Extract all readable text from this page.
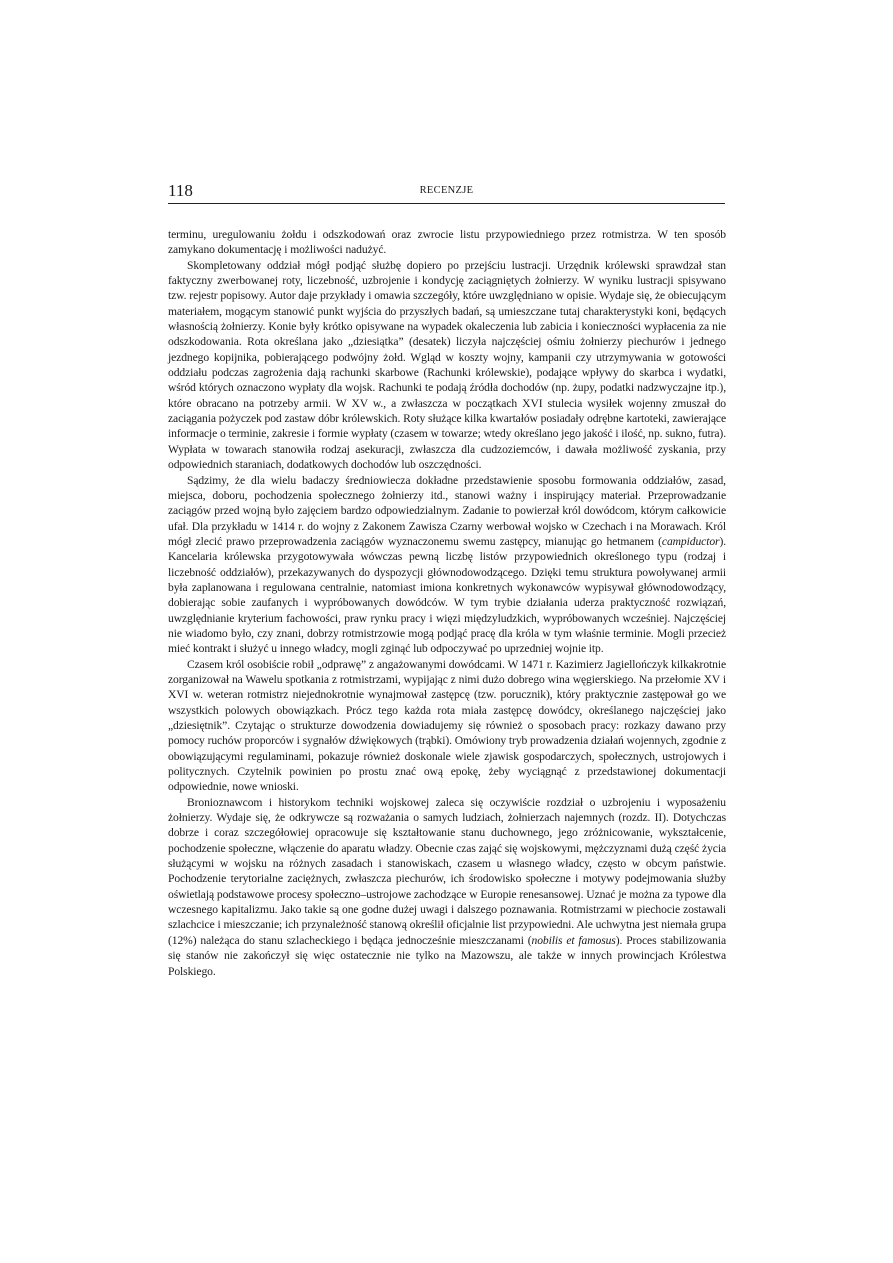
118	RECENZJE

terminu, uregulowaniu żołdu i odszkodowań oraz zwrocie listu przypowiedniego przez rotmistrza. W ten sposób zamykano dokumentację i możliwości nadużyć.

Skompletowany oddział mógł podjąć służbę dopiero po przejściu lustracji. Urzędnik królewski sprawdzał stan faktyczny zwerbowanej roty, liczebność, uzbrojenie i kondycję zaciągniętych żołnierzy. W wyniku lustracji spisywano tzw. rejestr popisowy. Autor daje przykłady i omawia szczegóły, które uwzględniano w opisie. Wydaje się, że obiecującym materiałem, mogącym stanowić punkt wyjścia do przyszłych badań, są umieszczane tutaj charakterystyki koni, będących własnością żołnierzy. Konie były krótko opisywane na wypadek okaleczenia lub zabicia i konieczności wypłacenia za nie odszkodowania. Rota określana jako „dziesiątka” (desatek) liczyła najczęściej ośmiu żołnierzy piechurów i jednego jezdnego kopijnika, pobierającego podwójny żołd. Wgląd w koszty wojny, kampanii czy utrzymywania w gotowości oddziału podczas zagrożenia dają rachunki skarbowe (Rachunki królewskie), podające wpływy do skarbca i wydatki, wśród których oznaczono wypłaty dla wojsk. Rachunki te podają źródła dochodów (np. żupy, podatki nadzwyczajne itp.), które obracano na potrzeby armii. W XV w., a zwłaszcza w początkach XVI stulecia wysiłek wojenny zmuszał do zaciągania pożyczek pod zastaw dóbr królewskich. Roty służące kilka kwartałów posiadały odrębne kartoteki, zawierające informacje o terminie, zakresie i formie wypłaty (czasem w towarze; wtedy określano jego jakość i ilość, np. sukno, futra). Wypłata w towarach stanowiła rodzaj asekuracji, zwłaszcza dla cudzoziemców, i dawała możliwość zyskania, przy odpowiednich staraniach, dodatkowych dochodów lub oszczędności.

Sądzimy, że dla wielu badaczy średniowiecza dokładne przedstawienie sposobu formowania oddziałów, zasad, miejsca, doboru, pochodzenia społecznego żołnierzy itd., stanowi ważny i inspirujący materiał. Przeprowadzanie zaciągów przed wojną było zajęciem bardzo odpowiedzialnym. Zadanie to powierzał król dowódcom, którym całkowicie ufał. Dla przykładu w 1414 r. do wojny z Zakonem Zawisza Czarny werbował wojsko w Czechach i na Morawach. Król mógł zlecić prawo przeprowadzenia zaciągów wyznaczonemu swemu zastępcy, mianując go hetmanem (campiductor). Kancelaria królewska przygotowywała wówczas pewną liczbę listów przypowiednich określonego typu (rodzaj i liczebność oddziałów), przekazywanych do dyspozycji głównodowodzącego. Dzięki temu struktura powoływanej armii była zaplanowana i regulowana centralnie, natomiast imiona konkretnych wykonawców wypisywał głównodowodzący, dobierając sobie zaufanych i wypróbowanych dowódców. W tym trybie działania uderza praktyczność rozwiązań, uwzględnianie kryterium fachowości, praw rynku pracy i więzi międzyludzkich, wypróbowanych wcześniej. Najczęściej nie wiadomo było, czy znani, dobrzy rotmistrzowie mogą podjąć pracę dla króla w tym właśnie terminie. Mogli przecież mieć kontrakt i służyć u innego władcy, mogli zginąć lub odpoczywać po uprzedniej wojnie itp.

Czasem król osobiście robił „odprawę” z angażowanymi dowódcami. W 1471 r. Kazimierz Jagiellończyk kilkakrotnie zorganizował na Wawelu spotkania z rotmistrzami, wypijając z nimi dużo dobrego wina węgierskiego. Na przełomie XV i XVI w. weteran rotmistrz niejednokrotnie wynajmował zastępcę (tzw. porucznik), który praktycznie zastępował go we wszystkich polowych obowiązkach. Prócz tego każda rota miała zastępcę dowódcy, określanego najczęściej jako „dziesiętnik”. Czytając o strukturze dowodzenia dowiadujemy się również o sposobach pracy: rozkazy dawano przy pomocy ruchów proporców i sygnałów dźwiękowych (trąbki). Omówiony tryb prowadzenia działań wojennych, zgodnie z obowiązującymi regulaminami, pokazuje również doskonale wiele zjawisk gospodarczych, społecznych, ustrojowych i politycznych. Czytelnik powinien po prostu znać ową epokę, żeby wyciągnąć z przedstawionej dokumentacji odpowiednie, nowe wnioski.

Bronioznawcom i historykom techniki wojskowej zaleca się oczywiście rozdział o uzbrojeniu i wyposażeniu żołnierzy. Wydaje się, że odkrywcze są rozważania o samych ludziach, żołnierzach najemnych (rozdz. II). Dotychczas dobrze i coraz szczegółowiej opracowuje się kształtowanie stanu duchownego, jego zróżnicowanie, wykształcenie, pochodzenie społeczne, włączenie do aparatu władzy. Obecnie czas zająć się wojskowymi, mężczyznami dużą część życia służącymi w wojsku na różnych zasadach i stanowiskach, czasem u własnego władcy, często w obcym państwie. Pochodzenie terytorialne zaciężnych, zwłaszcza piechurów, ich środowisko społeczne i motywy podejmowania służby oświetlają podstawowe procesy społeczno–ustrojowe zachodzące w Europie renesansowej. Uznać je można za typowe dla wczesnego kapitalizmu. Jako takie są one godne dużej uwagi i dalszego poznawania. Rotmistrzami w piechocie zostawali szlachcice i mieszczanie; ich przynależność stanową określił oficjalnie list przypowiedni. Ale uchwytna jest niemała grupa (12%) należąca do stanu szlacheckiego i będąca jednocześnie mieszczanami (nobilis et famosus). Proces stabilizowania się stanów nie zakończył się więc ostatecznie nie tylko na Mazowszu, ale także w innych prowincjach Królestwa Polskiego.
